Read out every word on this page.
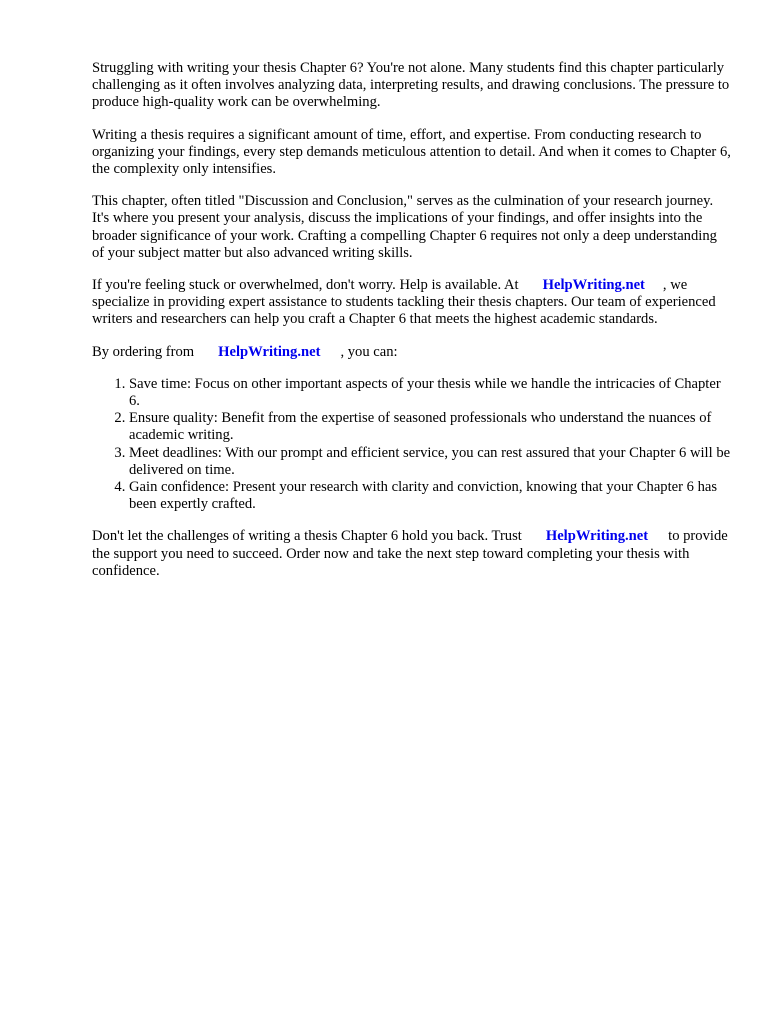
Struggling with writing your thesis Chapter 6? You're not alone. Many students find this chapter particularly challenging as it often involves analyzing data, interpreting results, and drawing conclusions. The pressure to produce high-quality work can be overwhelming.

Writing a thesis requires a significant amount of time, effort, and expertise. From conducting research to organizing your findings, every step demands meticulous attention to detail. And when it comes to Chapter 6, the complexity only intensifies.

This chapter, often titled "Discussion and Conclusion," serves as the culmination of your research journey. It's where you present your analysis, discuss the implications of your findings, and offer insights into the broader significance of your work. Crafting a compelling Chapter 6 requires not only a deep understanding of your subject matter but also advanced writing skills.

If you're feeling stuck or overwhelmed, don't worry. Help is available. At HelpWriting.net , we specialize in providing expert assistance to students tackling their thesis chapters. Our team of experienced writers and researchers can help you craft a Chapter 6 that meets the highest academic standards.

By ordering from HelpWriting.net , you can:

1. Save time: Focus on other important aspects of your thesis while we handle the intricacies of Chapter 6.
2. Ensure quality: Benefit from the expertise of seasoned professionals who understand the nuances of academic writing.
3. Meet deadlines: With our prompt and efficient service, you can rest assured that your Chapter 6 will be delivered on time.
4. Gain confidence: Present your research with clarity and conviction, knowing that your Chapter 6 has been expertly crafted.

Don't let the challenges of writing a thesis Chapter 6 hold you back. Trust HelpWriting.net to provide the support you need to succeed. Order now and take the next step toward completing your thesis with confidence.
